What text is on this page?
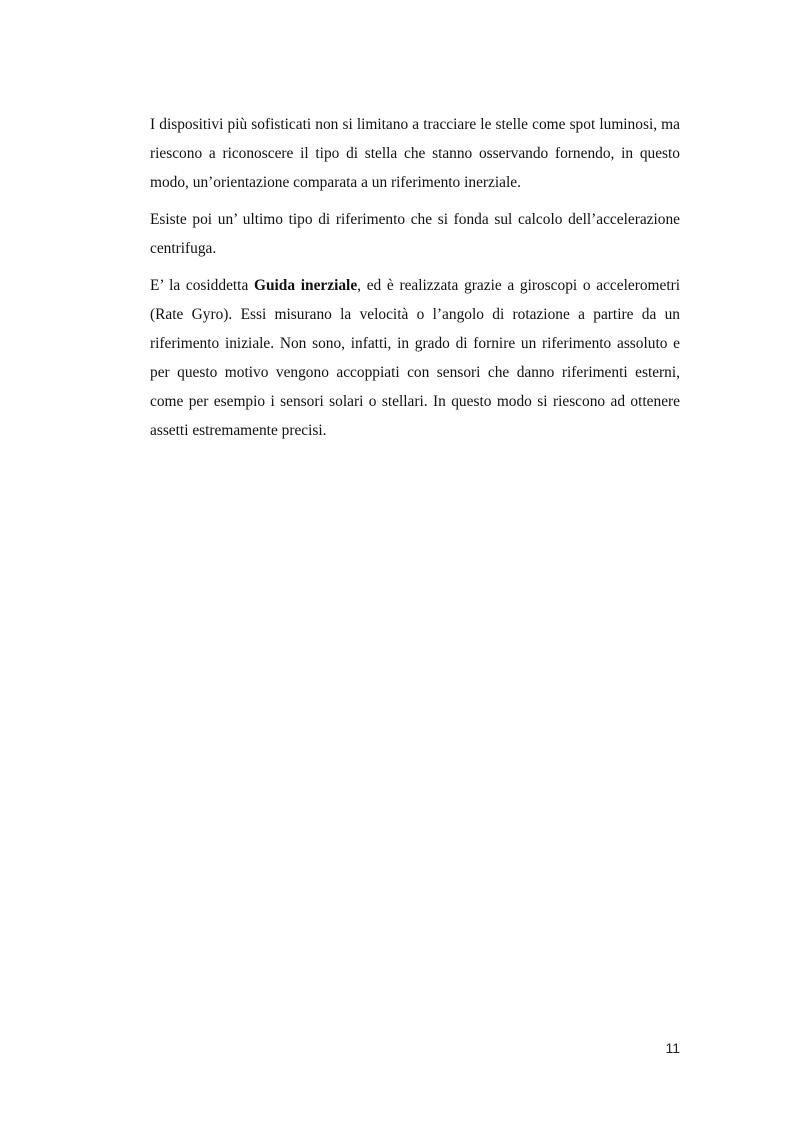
I dispositivi più sofisticati non si limitano a tracciare le stelle come spot luminosi, ma riescono a riconoscere il tipo di stella che stanno osservando fornendo, in questo modo, un’orientazione comparata a un riferimento inerziale.

Esiste poi un’ ultimo tipo di riferimento che si fonda sul calcolo dell’accelerazione centrifuga.

E’ la cosiddetta Guida inerziale, ed è realizzata grazie a giroscopi o accelerometri (Rate Gyro). Essi misurano la velocità o l’angolo di rotazione a partire da un riferimento iniziale. Non sono, infatti, in grado di fornire un riferimento assoluto e per questo motivo vengono accoppiati con sensori che danno riferimenti esterni, come per esempio i sensori solari o stellari. In questo modo si riescono ad ottenere assetti estremamente precisi.

11
